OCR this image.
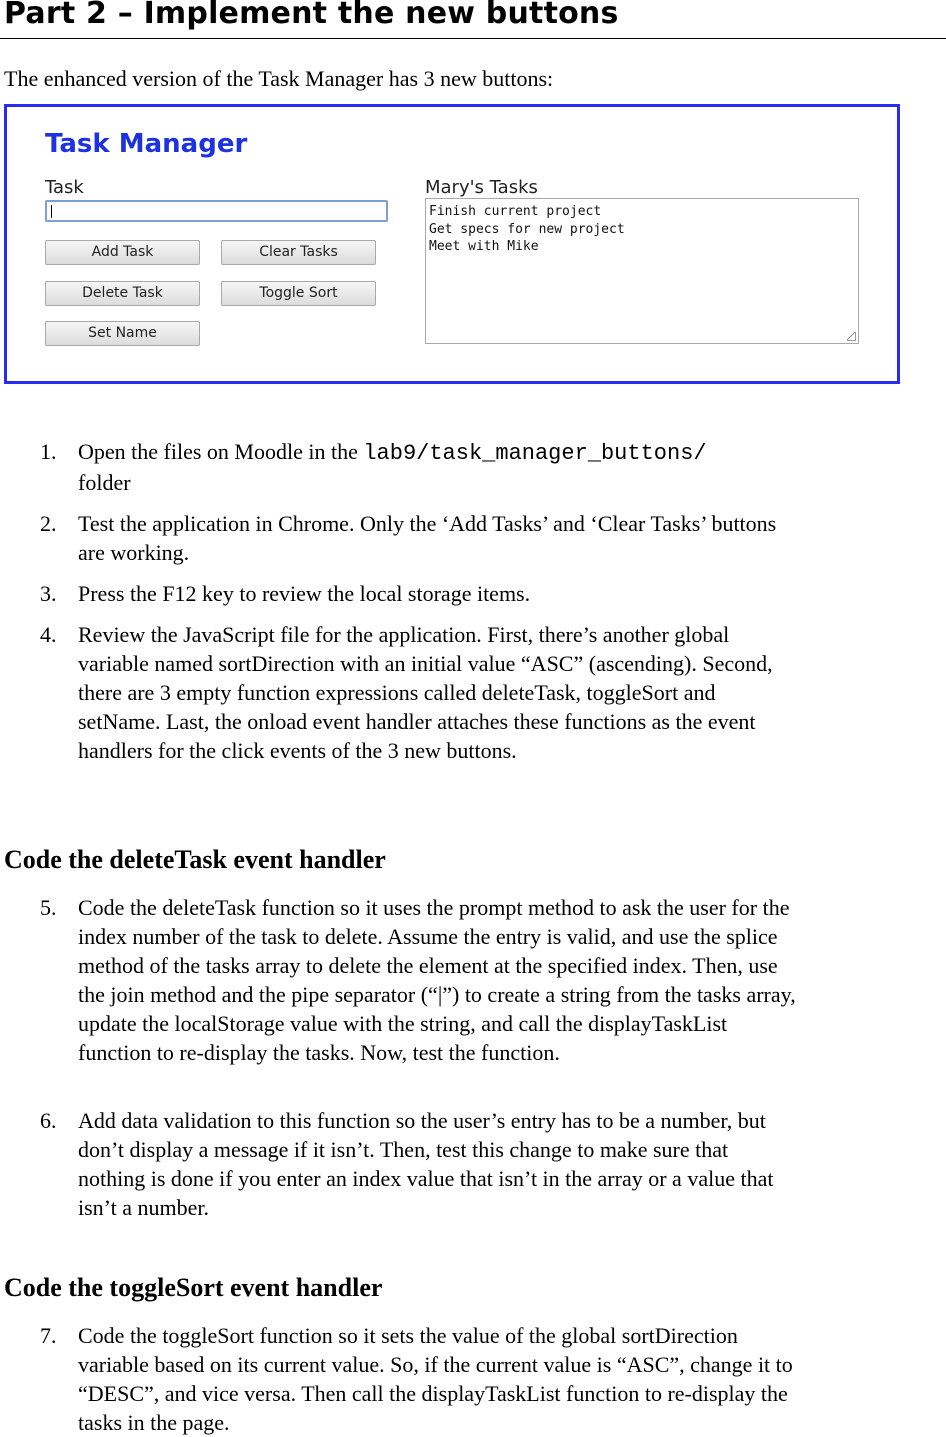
Part 2 – Implement the new buttons

The enhanced version of the Task Manager has 3 new buttons:

Task Manager
Task
Add Task	Clear Tasks
Delete Task	Toggle Sort
Set Name
Mary's Tasks
Finish current project
Get specs for new project
Meet with Mike
1. Open the files on Moodle in the lab9/task_manager_buttons/
folder
2. Test the application in Chrome. Only the ‘Add Tasks’ and ‘Clear Tasks’ buttons are working.
3. Press the F12 key to review the local storage items.
4. Review the JavaScript file for the application. First, there’s another global variable named sortDirection with an initial value “ASC” (ascending). Second, there are 3 empty function expressions called deleteTask, toggleSort and setName. Last, the onload event handler attaches these functions as the event handlers for the click events of the 3 new buttons.
Code the deleteTask event handler
5. Code the deleteTask function so it uses the prompt method to ask the user for the index number of the task to delete. Assume the entry is valid, and use the splice method of the tasks array to delete the element at the specified index. Then, use the join method and the pipe separator (“|”) to create a string from the tasks array, update the localStorage value with the string, and call the displayTaskList function to re-display the tasks. Now, test the function.
6. Add data validation to this function so the user’s entry has to be a number, but don’t display a message if it isn’t. Then, test this change to make sure that nothing is done if you enter an index value that isn’t in the array or a value that isn’t a number.
Code the toggleSort event handler
7. Code the toggleSort function so it sets the value of the global sortDirection variable based on its current value. So, if the current value is “ASC”, change it to “DESC”, and vice versa. Then call the displayTaskList function to re-display the tasks in the page.
